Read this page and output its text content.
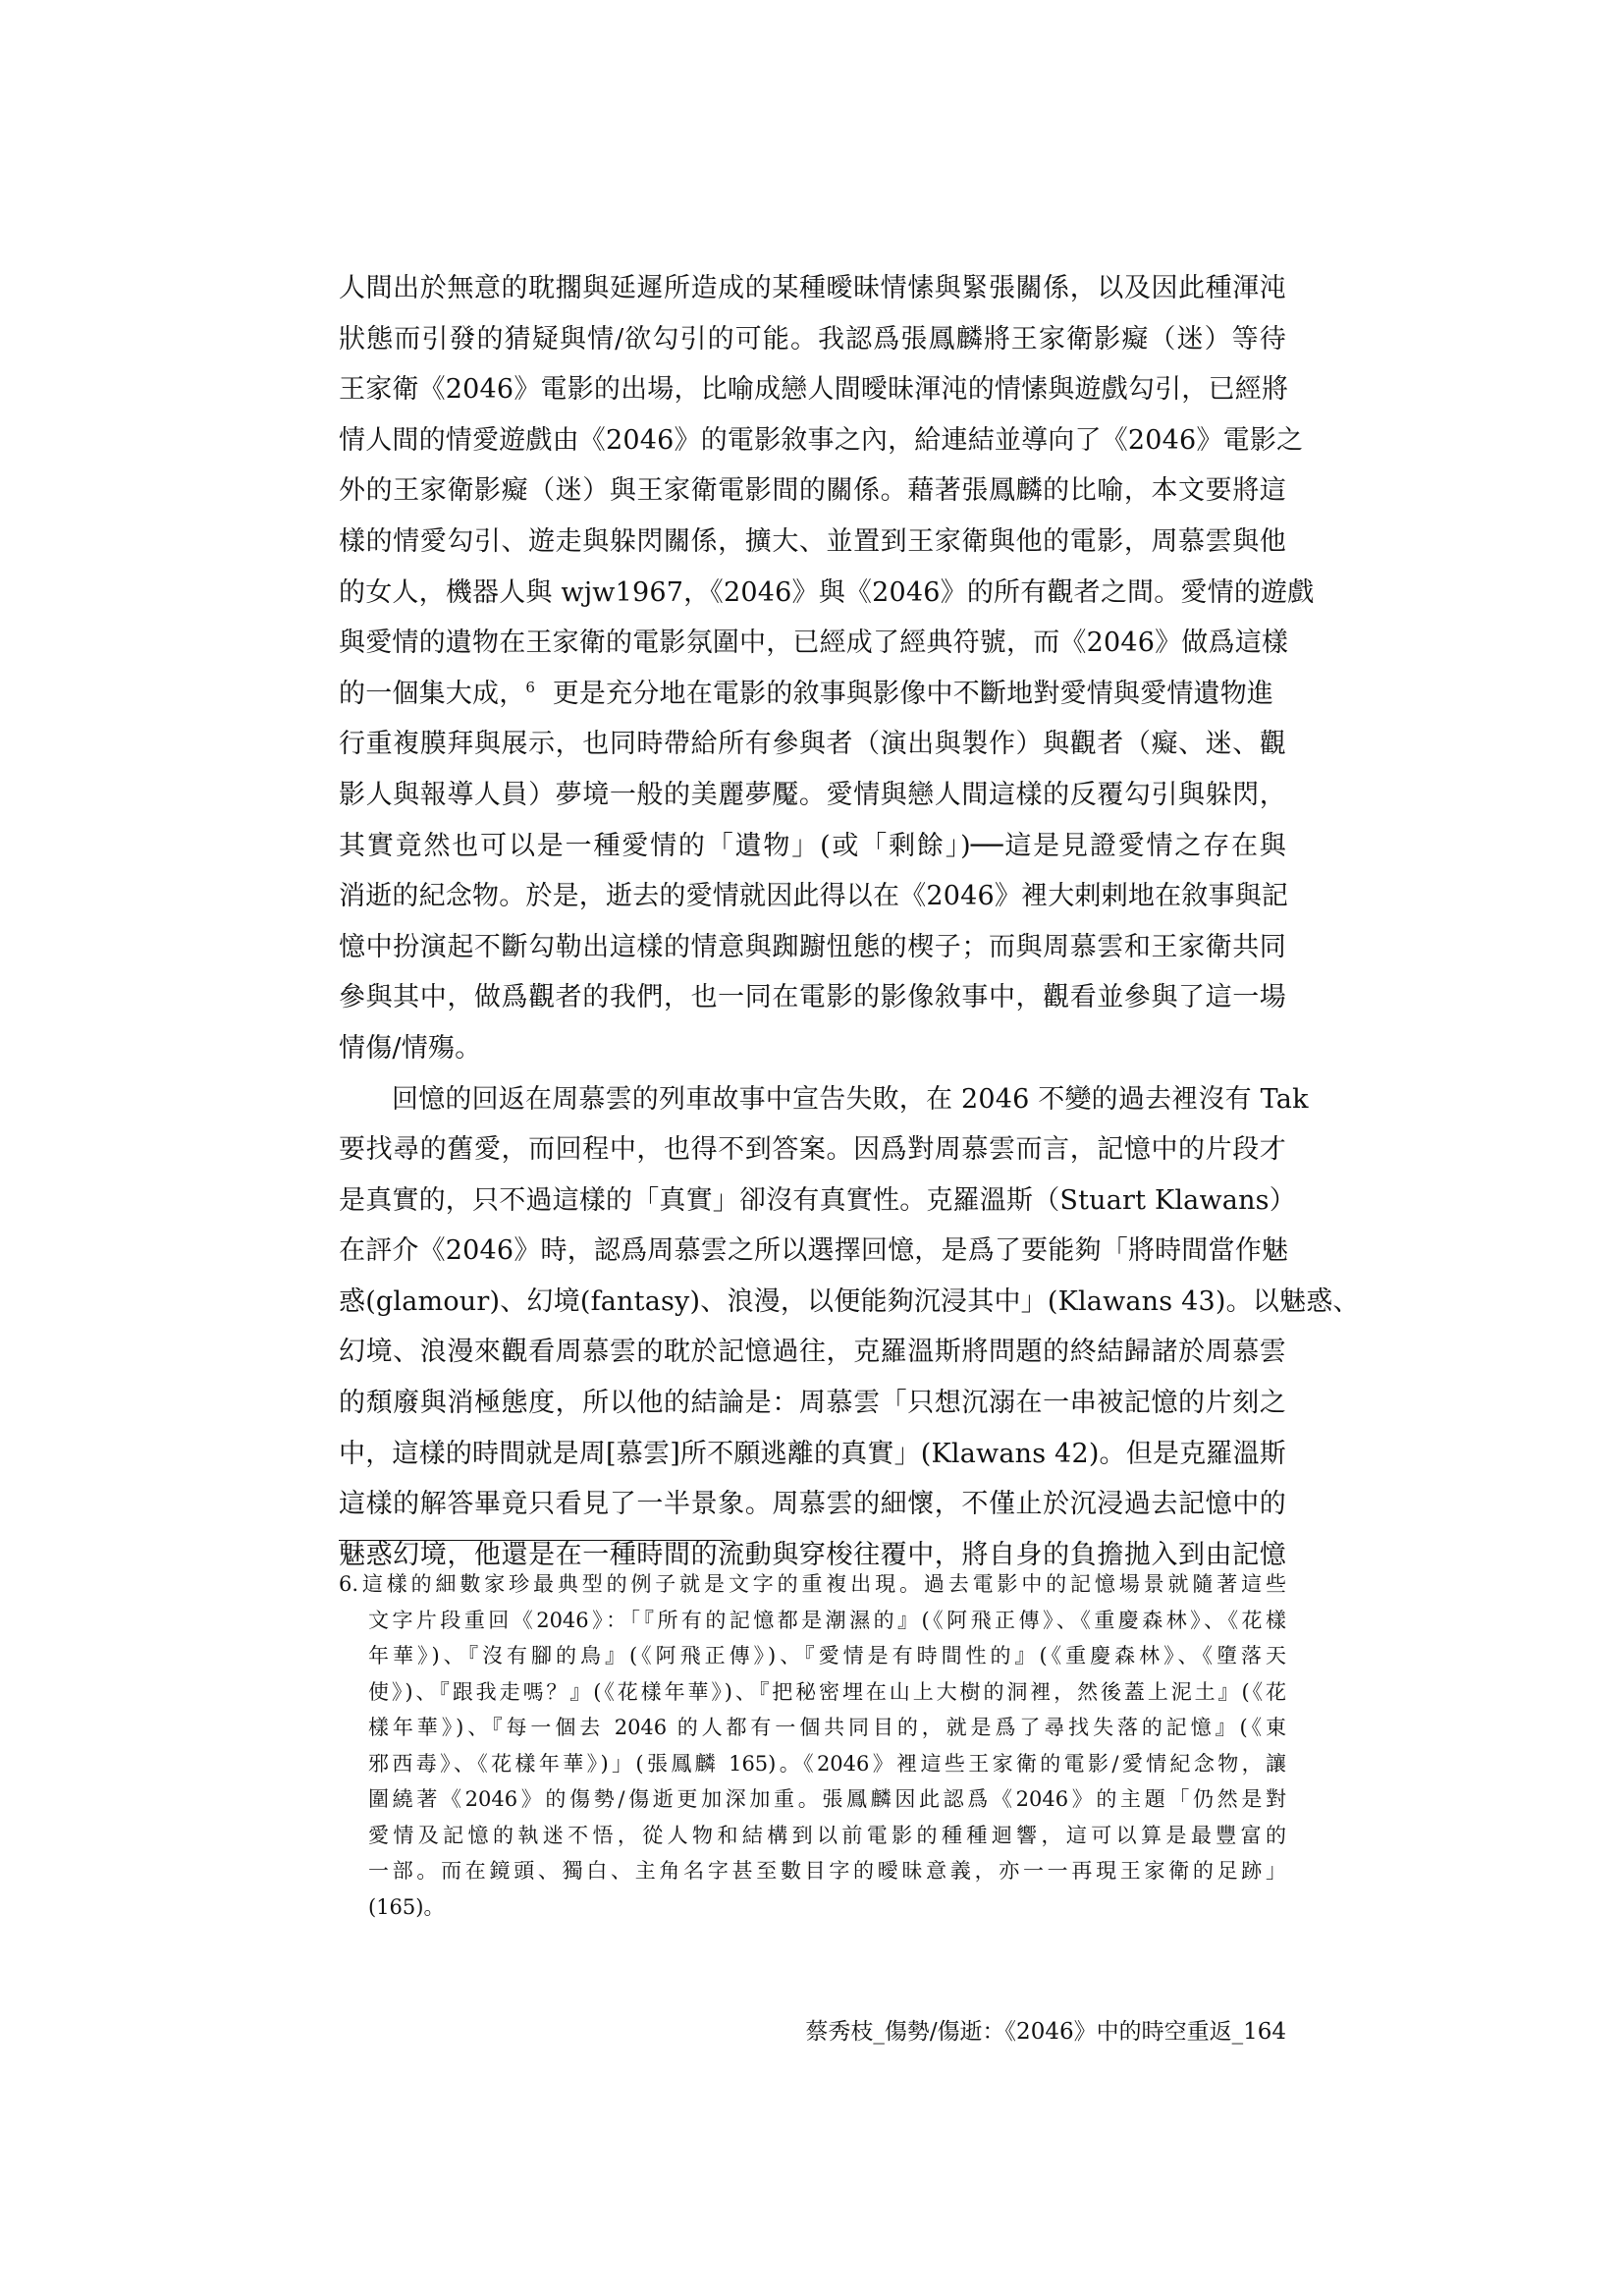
人間出於無意的耽擱與延遲所造成的某種曖昧情愫與緊張關係，以及因此種渾沌
狀態而引發的猜疑與情/欲勾引的可能。我認爲張鳳麟將王家衛影癡（迷）等待
王家衛《2046》電影的出場，比喻成戀人間曖昧渾沌的情愫與遊戲勾引，已經將
情人間的情愛遊戲由《2046》的電影敘事之內，給連結並導向了《2046》電影之
外的王家衛影癡（迷）與王家衛電影間的關係。藉著張鳳麟的比喻，本文要將這
樣的情愛勾引、遊走與躲閃關係，擴大、並置到王家衛與他的電影，周慕雲與他
的女人，機器人與 wjw1967，《2046》與《2046》的所有觀者之間。愛情的遊戲
與愛情的遺物在王家衛的電影氛圍中，已經成了經典符號，而《2046》做爲這樣
的一個集大成，$^6$ 更是充分地在電影的敘事與影像中不斷地對愛情與愛情遺物進
行重複膜拜與展示，也同時帶給所有參與者（演出與製作）與觀者（癡、迷、觀
影人與報導人員）夢境一般的美麗夢魘。愛情與戀人間這樣的反覆勾引與躲閃，
其實竟然也可以是一種愛情的「遺物」(或「剩餘」)──這是見證愛情之存在與
消逝的紀念物。於是，逝去的愛情就因此得以在《2046》裡大剌剌地在敘事與記
憶中扮演起不斷勾勒出這樣的情意與踟躕忸態的楔子；而與周慕雲和王家衛共同
參與其中，做爲觀者的我們，也一同在電影的影像敘事中，觀看並參與了這一場
情傷/情殤。
回憶的回返在周慕雲的列車故事中宣告失敗，在 2046 不變的過去裡沒有 Tak
要找尋的舊愛，而回程中，也得不到答案。因爲對周慕雲而言，記憶中的片段才
是真實的，只不過這樣的「真實」卻沒有真實性。克羅溫斯（Stuart Klawans）
在評介《2046》時，認爲周慕雲之所以選擇回憶，是爲了要能夠「將時間當作魅
惑(glamour)、幻境(fantasy)、浪漫，以便能夠沉浸其中」(Klawans 43)。以魅惑、
幻境、浪漫來觀看周慕雲的耽於記憶過往，克羅溫斯將問題的終結歸諸於周慕雲
的頹廢與消極態度，所以他的結論是：周慕雲「只想沉溺在一串被記憶的片刻之
中，這樣的時間就是周[慕雲]所不願逃離的真實」(Klawans 42)。但是克羅溫斯
這樣的解答畢竟只看見了一半景象。周慕雲的細懷，不僅止於沉浸過去記憶中的
魅惑幻境，他還是在一種時間的流動與穿梭往覆中，將自身的負擔拋入到由記憶
6.這樣的細數家珍最典型的例子就是文字的重複出現。過去電影中的記憶場景就隨著這些
文字片段重回《2046》：「『所有的記憶都是潮濕的』(《阿飛正傳》、《重慶森林》、《花樣
年華》)、『沒有腳的鳥』(《阿飛正傳》)、『愛情是有時間性的』(《重慶森林》、《墮落天
使》)、『跟我走嗎？』(《花樣年華》)、『把秘密埋在山上大樹的洞裡，然後蓋上泥土』(《花
樣年華》)、『每一個去 2046 的人都有一個共同目的，就是爲了尋找失落的記憶』(《東
邪西毒》、《花樣年華》)」(張鳳麟 165)。《2046》裡這些王家衛的電影/愛情紀念物，讓
圍繞著《2046》的傷勢/傷逝更加深加重。張鳳麟因此認爲《2046》的主題「仍然是對
愛情及記憶的執迷不悟，從人物和結構到以前電影的種種迴響，這可以算是最豐富的
一部。而在鏡頭、獨白、主角名字甚至數目字的曖昧意義，亦一一再現王家衛的足跡」
(165)。
蔡秀枝_傷勢/傷逝：《2046》中的時空重返_164
